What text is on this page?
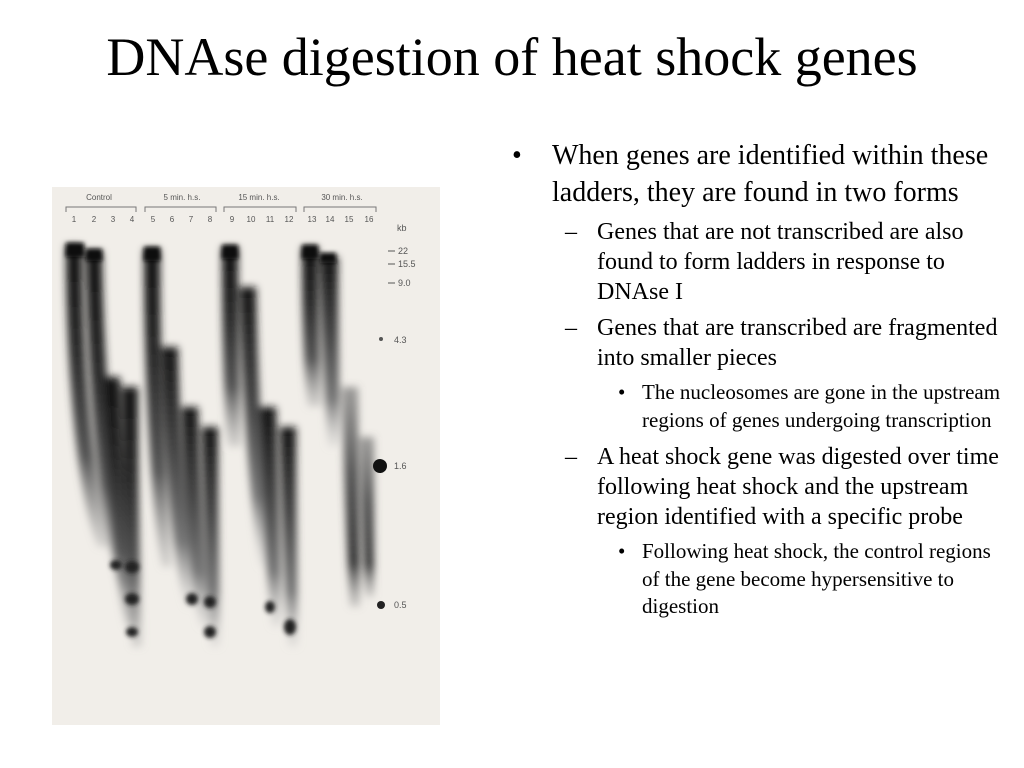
DNAse digestion of heat shock genes
Control	5 min. h.s.	15 min. h.s.	30 min. h.s.
1 2 3 4 5 6 7 8 9 10 11 12 13 14 15 16
kb
22
15.5
9.0
4.3
1.6
0.5
• When genes are identified within these ladders, they are found in two forms
– Genes that are not transcribed are also found to form ladders in response to DNAse I
– Genes that are transcribed are fragmented into smaller pieces
• The nucleosomes are gone in the upstream regions of genes undergoing transcription
– A heat shock gene was digested over time following heat shock and the upstream region identified with a specific probe
• Following heat shock, the control regions of the gene become hypersensitive to digestion
